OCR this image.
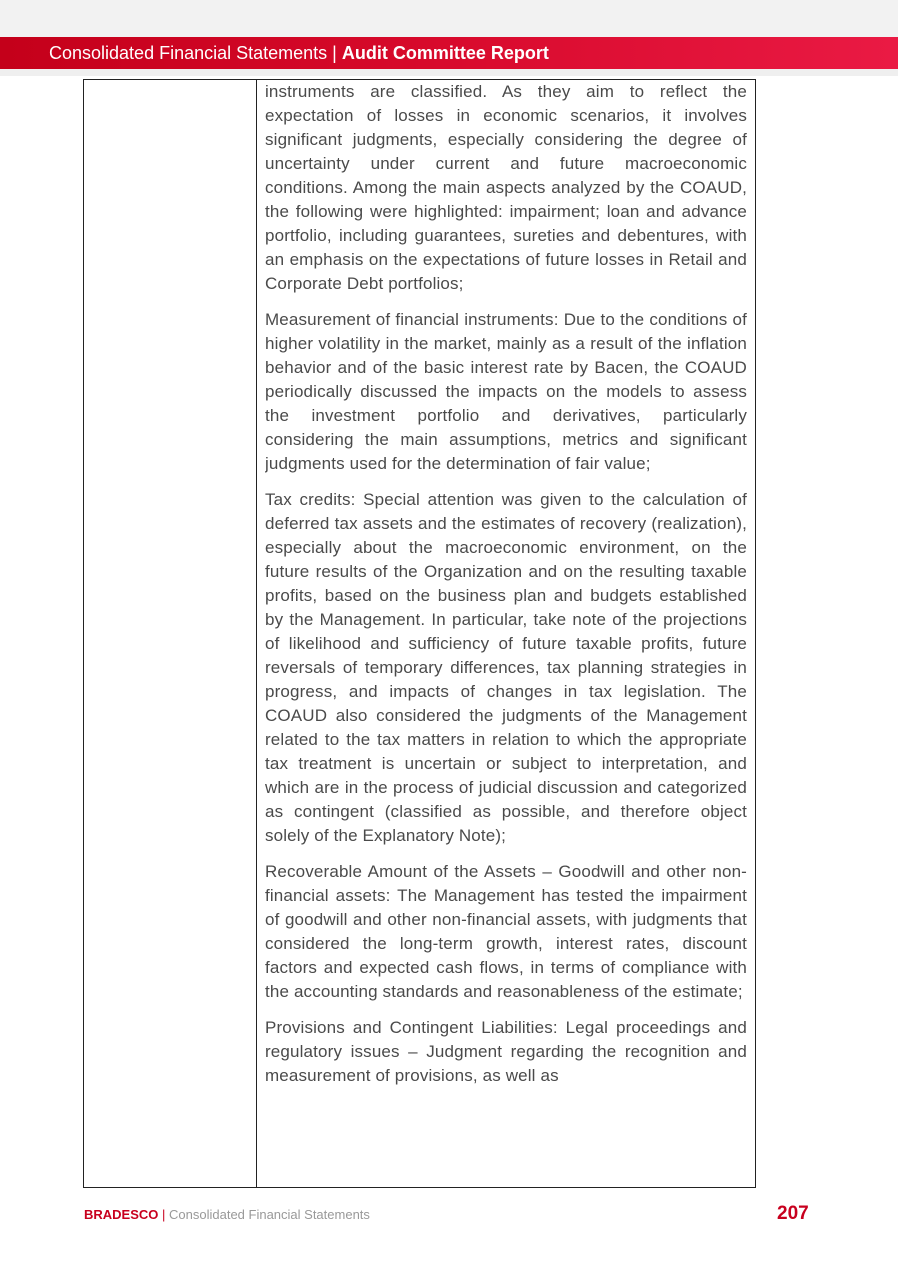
Consolidated Financial Statements | Audit Committee Report

instruments are classified. As they aim to reflect the expectation of losses in economic scenarios, it involves significant judgments, especially considering the degree of uncertainty under current and future macroeconomic conditions. Among the main aspects analyzed by the COAUD, the following were highlighted: impairment; loan and advance portfolio, including guarantees, sureties and debentures, with an emphasis on the expectations of future losses in Retail and Corporate Debt portfolios;

Measurement of financial instruments: Due to the conditions of higher volatility in the market, mainly as a result of the inflation behavior and of the basic interest rate by Bacen, the COAUD periodically discussed the impacts on the models to assess the investment portfolio and derivatives, particularly considering the main assumptions, metrics and significant judgments used for the determination of fair value;

Tax credits: Special attention was given to the calculation of deferred tax assets and the estimates of recovery (realization), especially about the macroeconomic environment, on the future results of the Organization and on the resulting taxable profits, based on the business plan and budgets established by the Management. In particular, take note of the projections of likelihood and sufficiency of future taxable profits, future reversals of temporary differences, tax planning strategies in progress, and impacts of changes in tax legislation. The COAUD also considered the judgments of the Management related to the tax matters in relation to which the appropriate tax treatment is uncertain or subject to interpretation, and which are in the process of judicial discussion and categorized as contingent (classified as possible, and therefore object solely of the Explanatory Note);

Recoverable Amount of the Assets – Goodwill and other non-financial assets: The Management has tested the impairment of goodwill and other non-financial assets, with judgments that considered the long-term growth, interest rates, discount factors and expected cash flows, in terms of compliance with the accounting standards and reasonableness of the estimate;

Provisions and Contingent Liabilities: Legal proceedings and regulatory issues – Judgment regarding the recognition and measurement of provisions, as well as

BRADESCO | Consolidated Financial Statements	207
